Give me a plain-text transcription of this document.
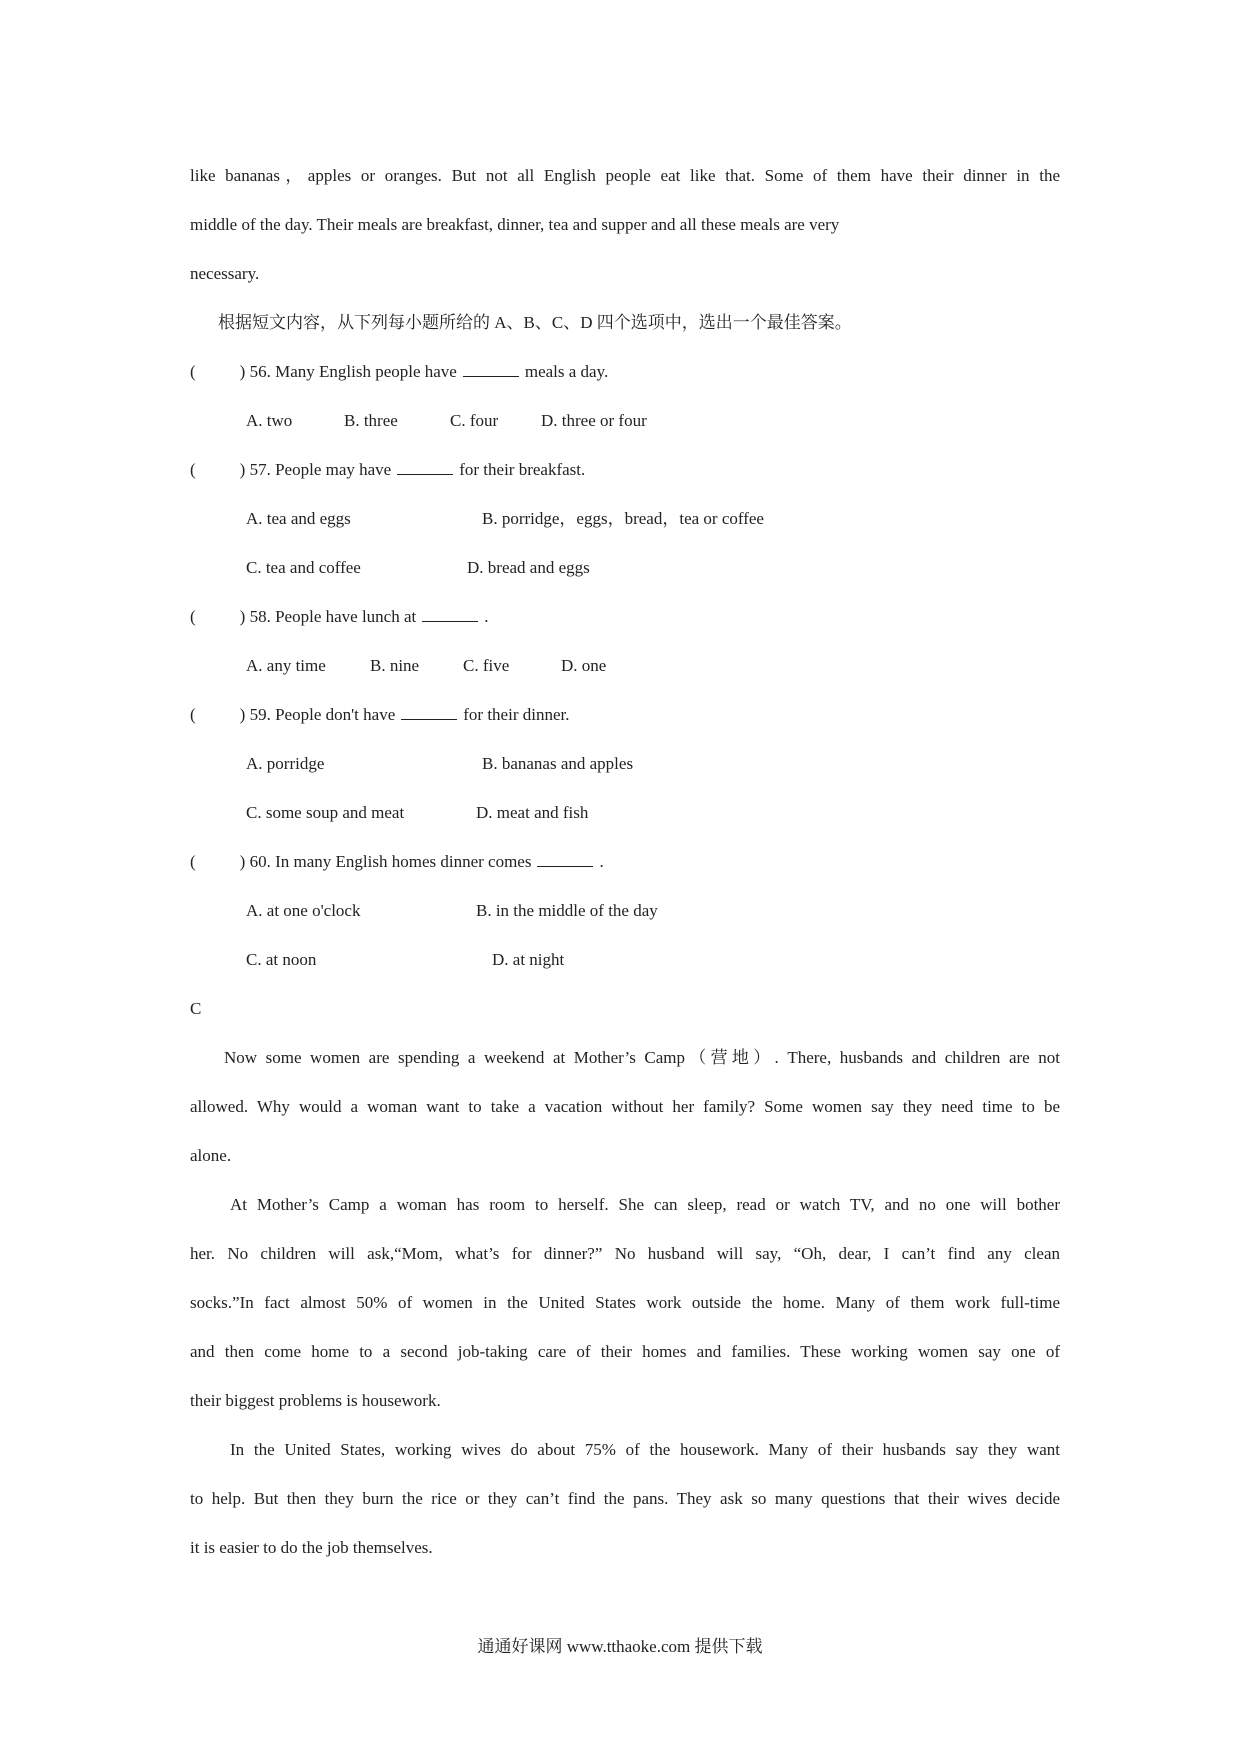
like bananas，apples or oranges. But not all English people eat like that. Some of them have their dinner in the
middle of the day. Their meals are breakfast, dinner, tea and supper and all these meals are very
necessary.
根据短文内容，从下列每小题所给的 A、B、C、D 四个选项中，选出一个最佳答案。
(	) 56. Many English people have	meals a day.
A. two	B. three	C. four	D. three or four
(	) 57. People may have	for their breakfast.
A. tea and eggs	B. porridge，eggs，bread，tea or coffee
C. tea and coffee	D. bread and eggs
(	) 58. People have lunch at	.
A. any time	B. nine	C. five	D. one
(	) 59. People don't have	for their dinner.
A. porridge	B. bananas and apples
C. some soup and meat	D. meat and fish
(	) 60. In many English homes dinner comes	.
A. at one o'clock	B. in the middle of the day
C. at noon	D. at night
C
Now some women are spending a weekend at Mother’s Camp（营地）. There, husbands and children are not
allowed. Why would a woman want to take a vacation without her family? Some women say they need time to be
alone.
At Mother’s Camp a woman has room to herself. She can sleep, read or watch TV, and no one will bother
her. No children will ask,“Mom, what’s for dinner?” No husband will say, “Oh, dear, I can’t find any clean
socks.”In fact almost 50% of women in the United States work outside the home. Many of them work full-time
and then come home to a second job-taking care of their homes and families. These working women say one of
their biggest problems is housework.
In the United States, working wives do about 75% of the housework. Many of their husbands say they want
to help. But then they burn the rice or they can’t find the pans. They ask so many questions that their wives decide
it is easier to do the job themselves.
通通好课网 www.tthaoke.com 提供下载
